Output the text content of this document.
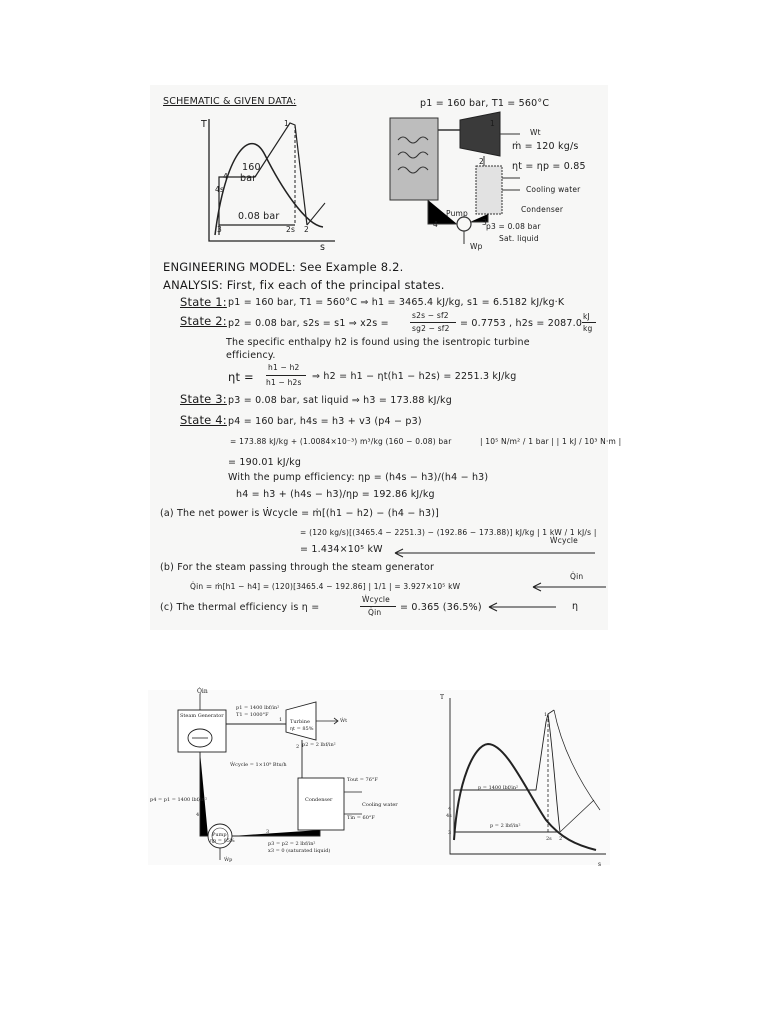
SCHEMATIC & GIVEN DATA:
T
s
1
4
4s
3	2s 2
160
bar
0.08 bar
p1 = 160 bar, T1 = 560°C
Wt
ṁ = 120 kg/s
ηt = ηp = 0.85
Cooling water
Condenser
Pump
p3 = 0.08 bar
Sat. liquid
Wp
1
2
3
4
ENGINEERING MODEL: See Example 8.2.
ANALYSIS: First, fix each of the principal states.
State 1: p1 = 160 bar, T1 = 560°C ⇒ h1 = 3465.4 kJ/kg, s1 = 6.5182 kJ/kg·K
State 2: p2 = 0.08 bar, s2s = s1 ⇒ x2s =
s2s − sf2
sg2 − sf2 = 0.7753 , h2s = 2087.0
kJ
kg
The specific enthalpy h2 is found using the isentropic turbine
efficiency.
ηt =
h1 − h2
h1 − h2s
⇒ h2 = h1 − ηt(h1 − h2s) = 2251.3 kJ/kg
State 3: p3 = 0.08 bar, sat liquid ⇒ h3 = 173.88 kJ/kg
State 4: p4 = 160 bar, h4s = h3 + v3 (p4 − p3)
= 173.88 kJ/kg + (1.0084×10⁻³) m³/kg (160 − 0.08) bar	| 10⁵ N/m² / 1 bar | | 1 kJ / 10³ N·m |
= 190.01 kJ/kg
With the pump efficiency: ηp = (h4s − h3)/(h4 − h3)
h4 = h3 + (h4s − h3)/ηp = 192.86 kJ/kg
(a) The net power is Ẇcycle = ṁ[(h1 − h2) − (h4 − h3)]
= (120 kg/s)[(3465.4 − 2251.3) − (192.86 − 173.88)] kJ/kg | 1 kW / 1 kJ/s |
= 1.434×10⁵ kW
Ẇcycle
(b) For the steam passing through the steam generator
Q̇in = ṁ[h1 − h4] = (120)[3465.4 − 192.86] | 1/1 | = 3.927×10⁵ kW
Q̇in
(c) The thermal efficiency is η =
Ẇcycle
Q̇in = 0.365 (36.5%)	η
Q̇in
Steam Generator
p1 = 1400 lbf/in²
T1 = 1000°F
Turbine
ηt = 85%
Ẇt
p2 = 2 lbf/in²
Ẇcycle = 1×10⁹ Btu/h
Tout = 76°F
Condenser
Cooling water
Tin = 60°F
p4 = p1 = 1400 lbf/in²
Pump
ηp = 85%	p3 = p2 = 2 lbf/in²
x3 = 0 (saturated liquid)
Ẇp
1
2
3
4
T
s
p = 1400 lbf/in²
p = 2 lbf/in²
1
4
4s
3
2s 2
